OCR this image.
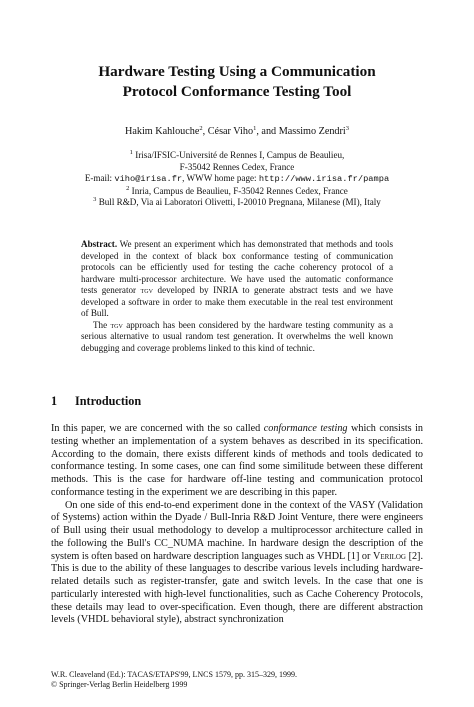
Hardware Testing Using a Communication
Protocol Conformance Testing Tool
Hakim Kahlouche$^2$, César Viho$^1$, and Massimo Zendri$^3$
$^1$ Irisa/IFSIC-Université de Rennes I, Campus de Beaulieu,
F-35042 Rennes Cedex, France
E-mail: viho@irisa.fr, WWW home page: http://www.irisa.fr/pampa
$^2$ Inria, Campus de Beaulieu, F-35042 Rennes Cedex, France
$^3$ Bull R&D, Via ai Laboratori Olivetti, I-20010 Pregnana, Milanese (MI), Italy

Abstract. We present an experiment which has demonstrated that methods and tools developed in the context of black box conformance testing of communication protocols can be efficiently used for testing the cache coherency protocol of a hardware multi-processor architecture. We have used the automatic conformance tests generator tgv developed by INRIA to generate abstract tests and we have developed a software in order to make them executable in the real test environment of Bull.

The tgv approach has been considered by the hardware testing community as a serious alternative to usual random test generation. It overwhelms the well known debugging and coverage problems linked to this kind of technic.

1 Introduction

In this paper, we are concerned with the so called conformance testing which consists in testing whether an implementation of a system behaves as described in its specification. According to the domain, there exists different kinds of methods and tools dedicated to conformance testing. In some cases, one can find some similitude between these different methods. This is the case for hardware off-line testing and communication protocol conformance testing in the experiment we are describing in this paper.

On one side of this end-to-end experiment done in the context of the VASY (Validation of Systems) action within the Dyade / Bull-Inria R&D Joint Venture, there were engineers of Bull using their usual methodology to develop a multiprocessor architecture called in the following the Bull's CC_NUMA machine. In hardware design the description of the system is often based on hardware description languages such as VHDL [1] or Verilog [2]. This is due to the ability of these languages to describe various levels including hardware-related details such as register-transfer, gate and switch levels. In the case that one is particularly interested with high-level functionalities, such as Cache Coherency Protocols, these details may lead to over-specification. Even though, there are different abstraction levels (VHDL behavioral style), abstract synchronization

W.R. Cleaveland (Ed.): TACAS/ETAPS'99, LNCS 1579, pp. 315–329, 1999.
© Springer-Verlag Berlin Heidelberg 1999
